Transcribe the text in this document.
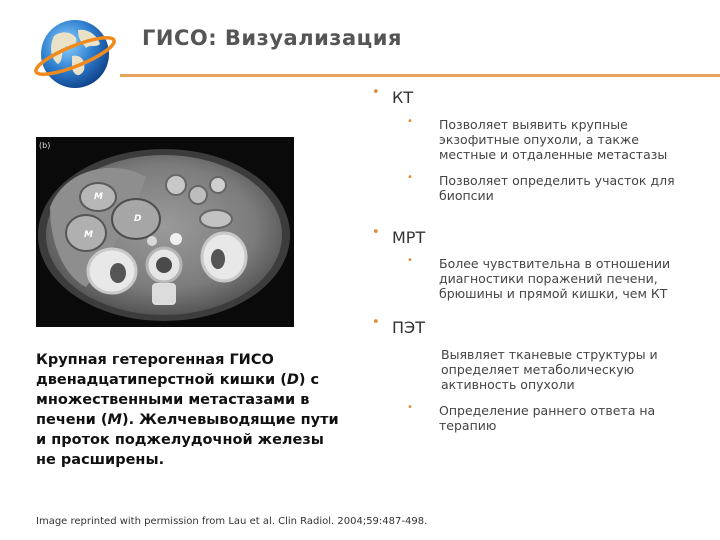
ГИСО: Визуализация
M
D
M
(b)
Крупная гетерогенная ГИСО двенадцатиперстной кишки (D) с множественными метастазами в печени (M). Желчевыводящие пути и проток поджелудочной железы не расширены.
Image reprinted with permission from Lau et al. Clin Radiol. 2004;59:487-498.
• КТ
• Позволяет выявить крупные экзофитные опухоли, а также местные и отдаленные метастазы
• Позволяет определить участок для биопсии
• МРТ
• Более чувствительна в отношении диагностики поражений печени, брюшины и прямой кишки, чем КТ
• ПЭТ
Выявляет тканевые структуры и определяет метаболическую активность опухоли
• Определение раннего ответа на терапию
